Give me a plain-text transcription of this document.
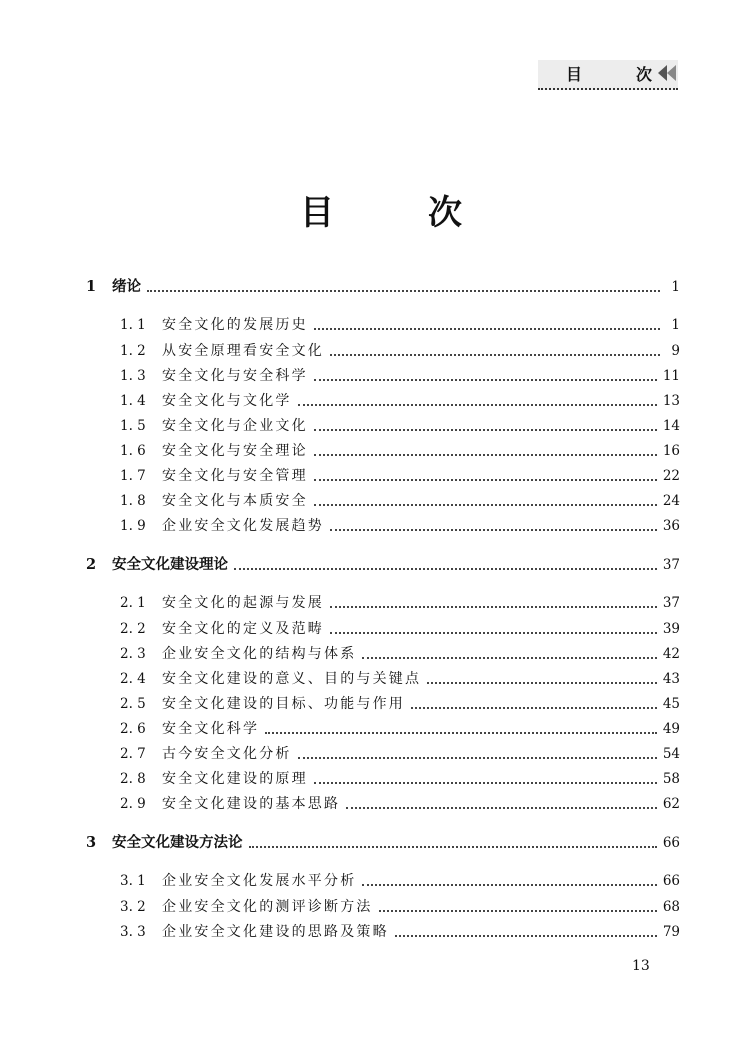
目	次
目	次
1	绪论	1
1. 1	安全文化的发展历史	1
1. 2	从安全原理看安全文化	9
1. 3	安全文化与安全科学	11
1. 4	安全文化与文化学	13
1. 5	安全文化与企业文化	14
1. 6	安全文化与安全理论	16
1. 7	安全文化与安全管理	22
1. 8	安全文化与本质安全	24
1. 9	企业安全文化发展趋势	36
2	安全文化建设理论	37
2. 1	安全文化的起源与发展	37
2. 2	安全文化的定义及范畴	39
2. 3	企业安全文化的结构与体系	42
2. 4	安全文化建设的意义、目的与关键点	43
2. 5	安全文化建设的目标、功能与作用	45
2. 6	安全文化科学	49
2. 7	古今安全文化分析	54
2. 8	安全文化建设的原理	58
2. 9	安全文化建设的基本思路	62
3	安全文化建设方法论	66
3. 1	企业安全文化发展水平分析	66
3. 2	企业安全文化的测评诊断方法	68
3. 3	企业安全文化建设的思路及策略	79
13
